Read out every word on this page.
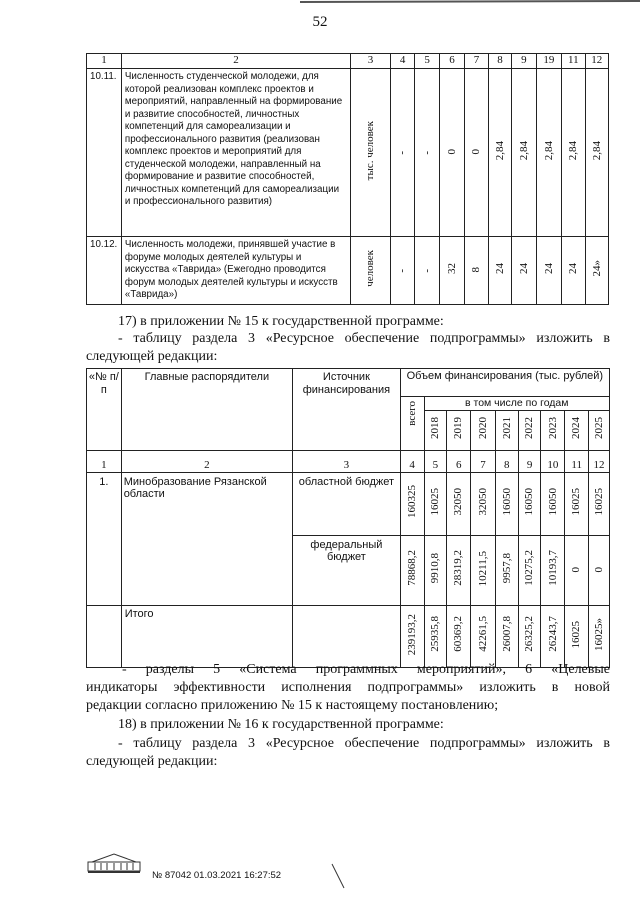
52
1	2	3	4	5	6	7	8	9	19	11	12
10.11.	Численность студенческой молодежи, для которой реализован комплекс проектов и мероприятий, направленный на формирование и развитие способностей, личностных компетенций для самореализации и профессионального развития (реализован комплекс проектов и мероприятий для студенческой молодежи, направленный на формирование и развитие способностей, личностных компетенций для самореализации и профессионального развития)	тыс. человек	-	-	0	0	2,84	2,84	2,84	2,84	2,84
10.12.	Численность молодежи, принявшей участие в форуме молодых деятелей культуры и искусства «Таврида» (Ежегодно проводится форум молодых деятелей культуры и искусств «Таврида»)	человек	-	-	32	8	24	24	24	24	24»
17) в приложении № 15 к государственной программе:
- таблицу раздела 3 «Ресурсное обеспечение подпрограммы» изложить в следующей редакции:
«№ п/п	Главные распорядители	Источник финансирования	Объем финансирования (тыс. рублей)								
			всего	в том числе по годам							
				2018	2019	2020	2021	2022	2023	2024	2025
1	2	3	4	5	6	7	8	9	10	11	12
1.	Минобразование Рязанской области	областной бюджет	160325	16025	32050	32050	16050	16050	16050	16025	16025
		федеральный бюджет	78868,2	9910,8	28319,2	10211,5	9957,8	10275,2	10193,7	0	0
	Итого		239193,2	25935,8	60369,2	42261,5	26007,8	26325,2	26243,7	16025	16025»
- разделы 5 «Система программных мероприятий», 6 «Целевые
индикаторы эффективности исполнения подпрограммы» изложить в новой
редакции согласно приложению № 15 к настоящему постановлению;
18) в приложении № 16 к государственной программе:
- таблицу раздела 3 «Ресурсное обеспечение подпрограммы» изложить в
следующей редакции:
№ 87042 01.03.2021 16:27:52
